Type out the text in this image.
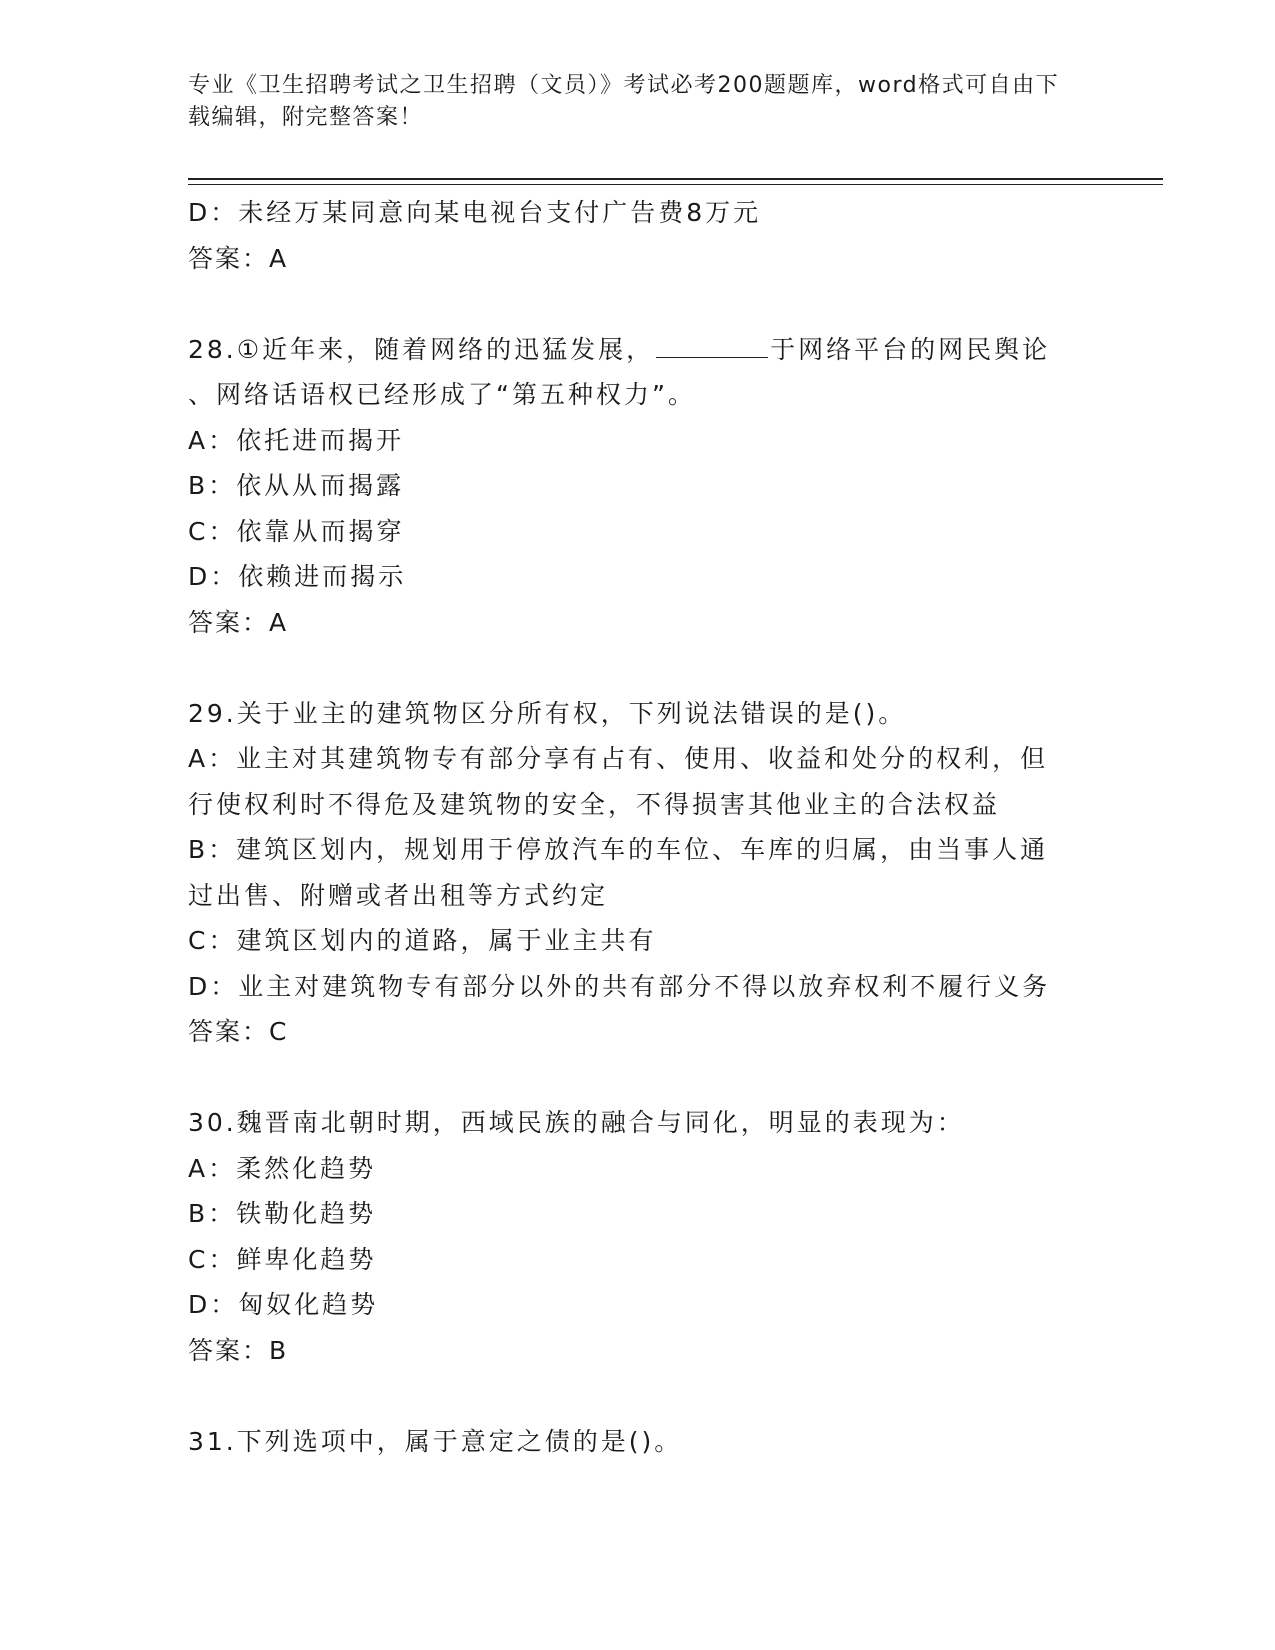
专业《卫生招聘考试之卫生招聘（文员）》考试必考200题题库，word格式可自由下载编辑，附完整答案！
D：未经万某同意向某电视台支付广告费8万元
答案：A
28.①近年来，随着网络的迅猛发展，	于网络平台的网民舆论
、网络话语权已经形成了“第五种权力”。
A：依托进而揭开
B：依从从而揭露
C：依靠从而揭穿
D：依赖进而揭示
答案：A
29.关于业主的建筑物区分所有权，下列说法错误的是()。
A：业主对其建筑物专有部分享有占有、使用、收益和处分的权利，但
行使权利时不得危及建筑物的安全，不得损害其他业主的合法权益
B：建筑区划内，规划用于停放汽车的车位、车库的归属，由当事人通
过出售、附赠或者出租等方式约定
C：建筑区划内的道路，属于业主共有
D：业主对建筑物专有部分以外的共有部分不得以放弃权利不履行义务
答案：C
30.魏晋南北朝时期，西域民族的融合与同化，明显的表现为：
A：柔然化趋势
B：铁勒化趋势
C：鲜卑化趋势
D：匈奴化趋势
答案：B
31.下列选项中，属于意定之债的是()。
